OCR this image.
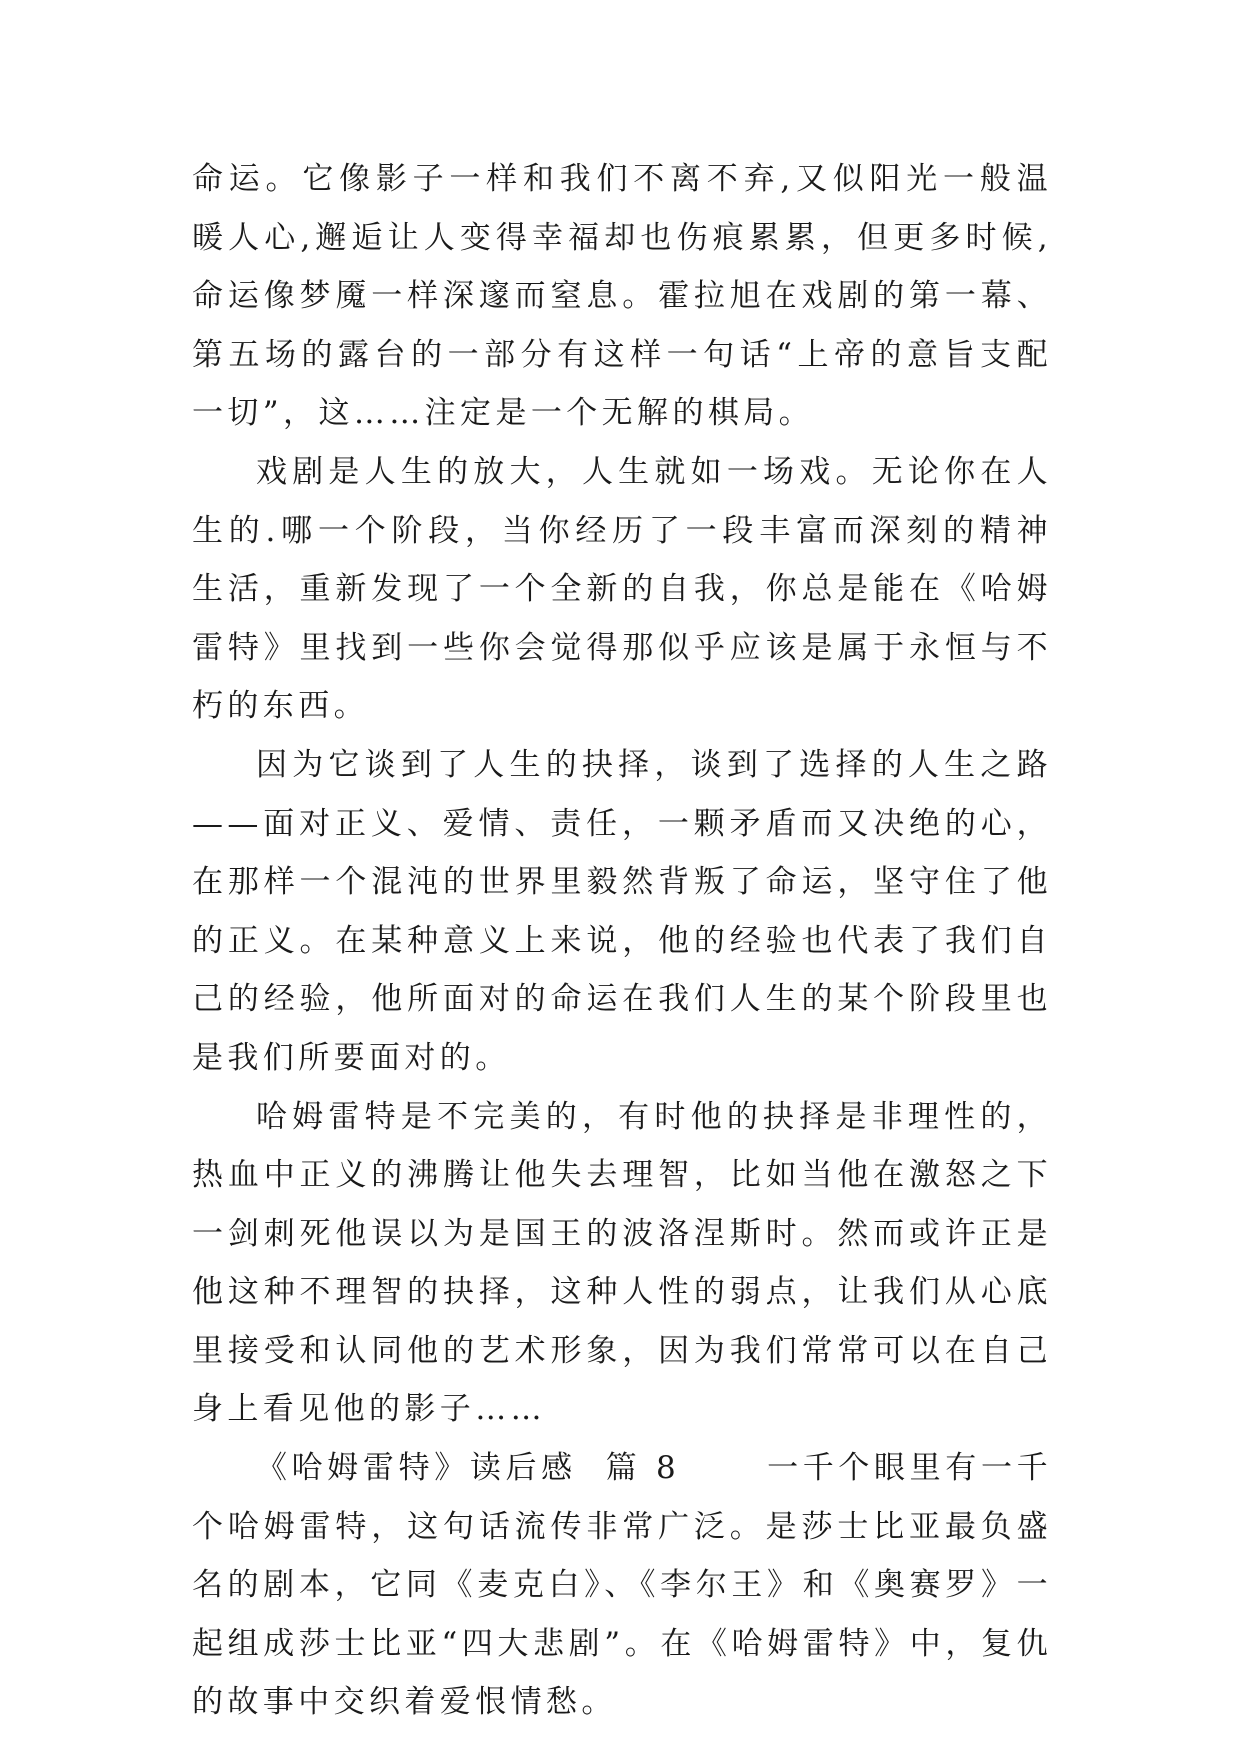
命运。它像影子一样和我们不离不弃,又似阳光一般温暖人心,邂逅让人变得幸福却也伤痕累累，但更多时候,命运像梦魇一样深邃而窒息。霍拉旭在戏剧的第一幕、第五场的露台的一部分有这样一句话“上帝的意旨支配一切”，这……注定是一个无解的棋局。

戏剧是人生的放大，人生就如一场戏。无论你在人生的.哪一个阶段，当你经历了一段丰富而深刻的精神生活，重新发现了一个全新的自我，你总是能在《哈姆雷特》里找到一些你会觉得那似乎应该是属于永恒与不朽的东西。

因为它谈到了人生的抉择，谈到了选择的人生之路——面对正义、爱情、责任，一颗矛盾而又决绝的心，在那样一个混沌的世界里毅然背叛了命运，坚守住了他的正义。在某种意义上来说，他的经验也代表了我们自己的经验，他所面对的命运在我们人生的某个阶段里也是我们所要面对的。

哈姆雷特是不完美的，有时他的抉择是非理性的，热血中正义的沸腾让他失去理智，比如当他在激怒之下一剑刺死他误以为是国王的波洛涅斯时。然而或许正是他这种不理智的抉择，这种人性的弱点，让我们从心底里接受和认同他的艺术形象，因为我们常常可以在自己身上看见他的影子……

《哈姆雷特》读后感  篇 8      一千个眼里有一千个哈姆雷特，这句话流传非常广泛。是莎士比亚最负盛名的剧本，它同《麦克白》、《李尔王》和《奥赛罗》一起组成莎士比亚“四大悲剧”。在《哈姆雷特》中，复仇的故事中交织着爱恨情愁。
